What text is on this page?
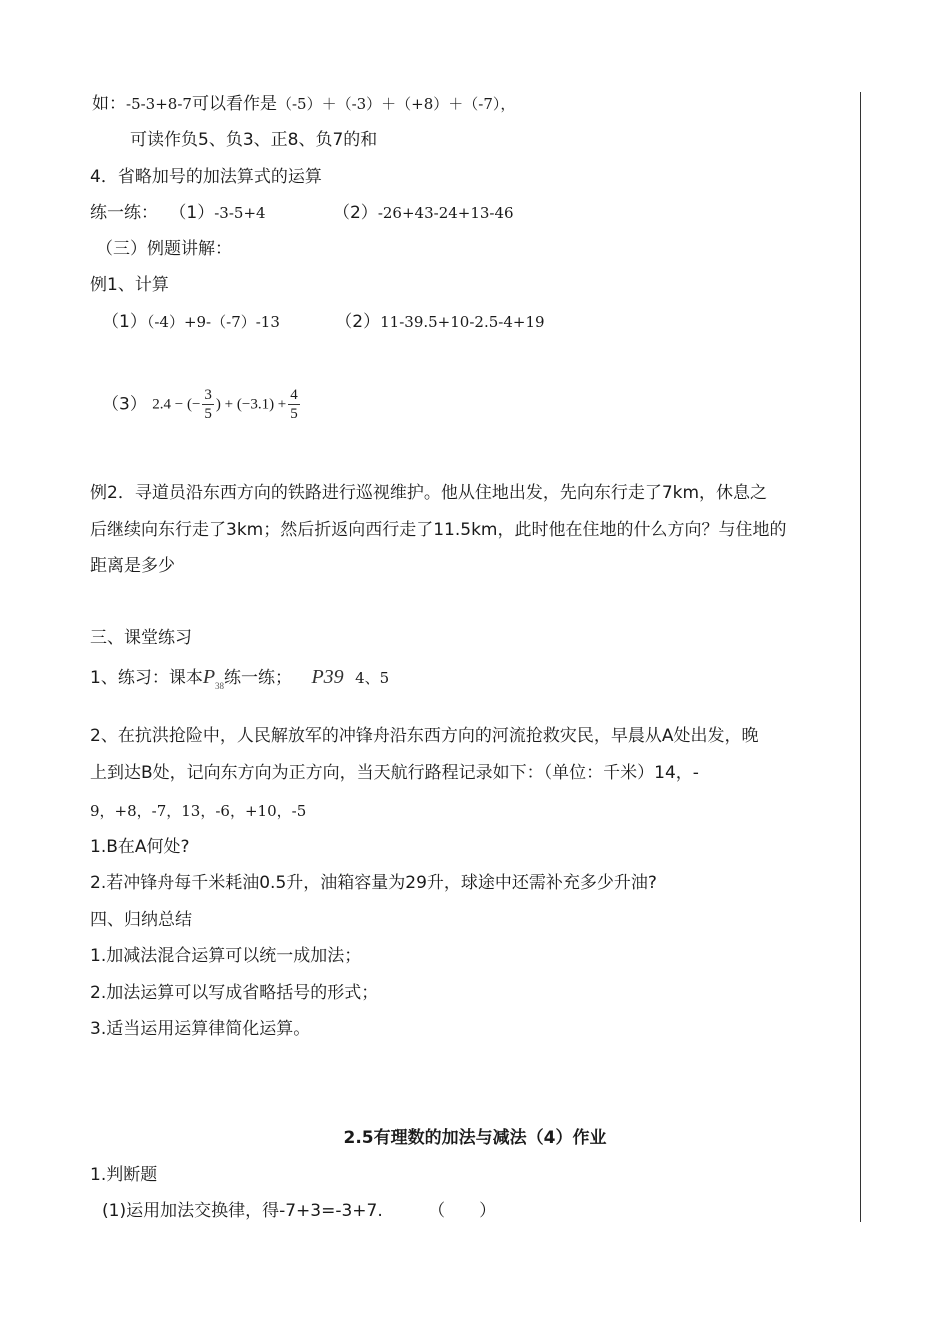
如：-5-3+8-7可以看作是（-5）＋（-3）＋（+8）＋（-7），
可读作负5、负3、正8、负7的和
4．省略加号的加法算式的运算
练一练： （1）-3-5+4	（2）-26+43-24+13-46
（三）例题讲解：
例1、计算
（1）（-4）+9-（-7）-13	（2）11-39.5+10-2.5-4+19
（3） 2.4 − (− $\frac{3}{5}$ ) + $(-3.1) + \frac{4}{5}$
例2．寻道员沿东西方向的铁路进行巡视维护。他从住地出发，先向东行走了7km，休息之
后继续向东行走了3km；然后折返向西行走了11.5km，此时他在住地的什么方向？与住地的
距离是多少
三、课堂练习
1、练习：课本$P_{38}$练一练； P39 4、5
2、在抗洪抢险中，人民解放军的冲锋舟沿东西方向的河流抢救灾民，早晨从A处出发，晚
上到达B处，记向东方向为正方向，当天航行路程记录如下：（单位：千米）14，-
9，+8，-7，13，-6，+10，-5
1.B在A何处?
2.若冲锋舟每千米耗油0.5升，油箱容量为29升，球途中还需补充多少升油?
四、归纳总结
1.加减法混合运算可以统一成加法；
2.加法运算可以写成省略括号的形式；
3.适当运用运算律简化运算。
2.5有理数的加法与减法（4）作业
1.判断题
(1)运用加法交换律，得-7+3=-3+7.	（　　）
